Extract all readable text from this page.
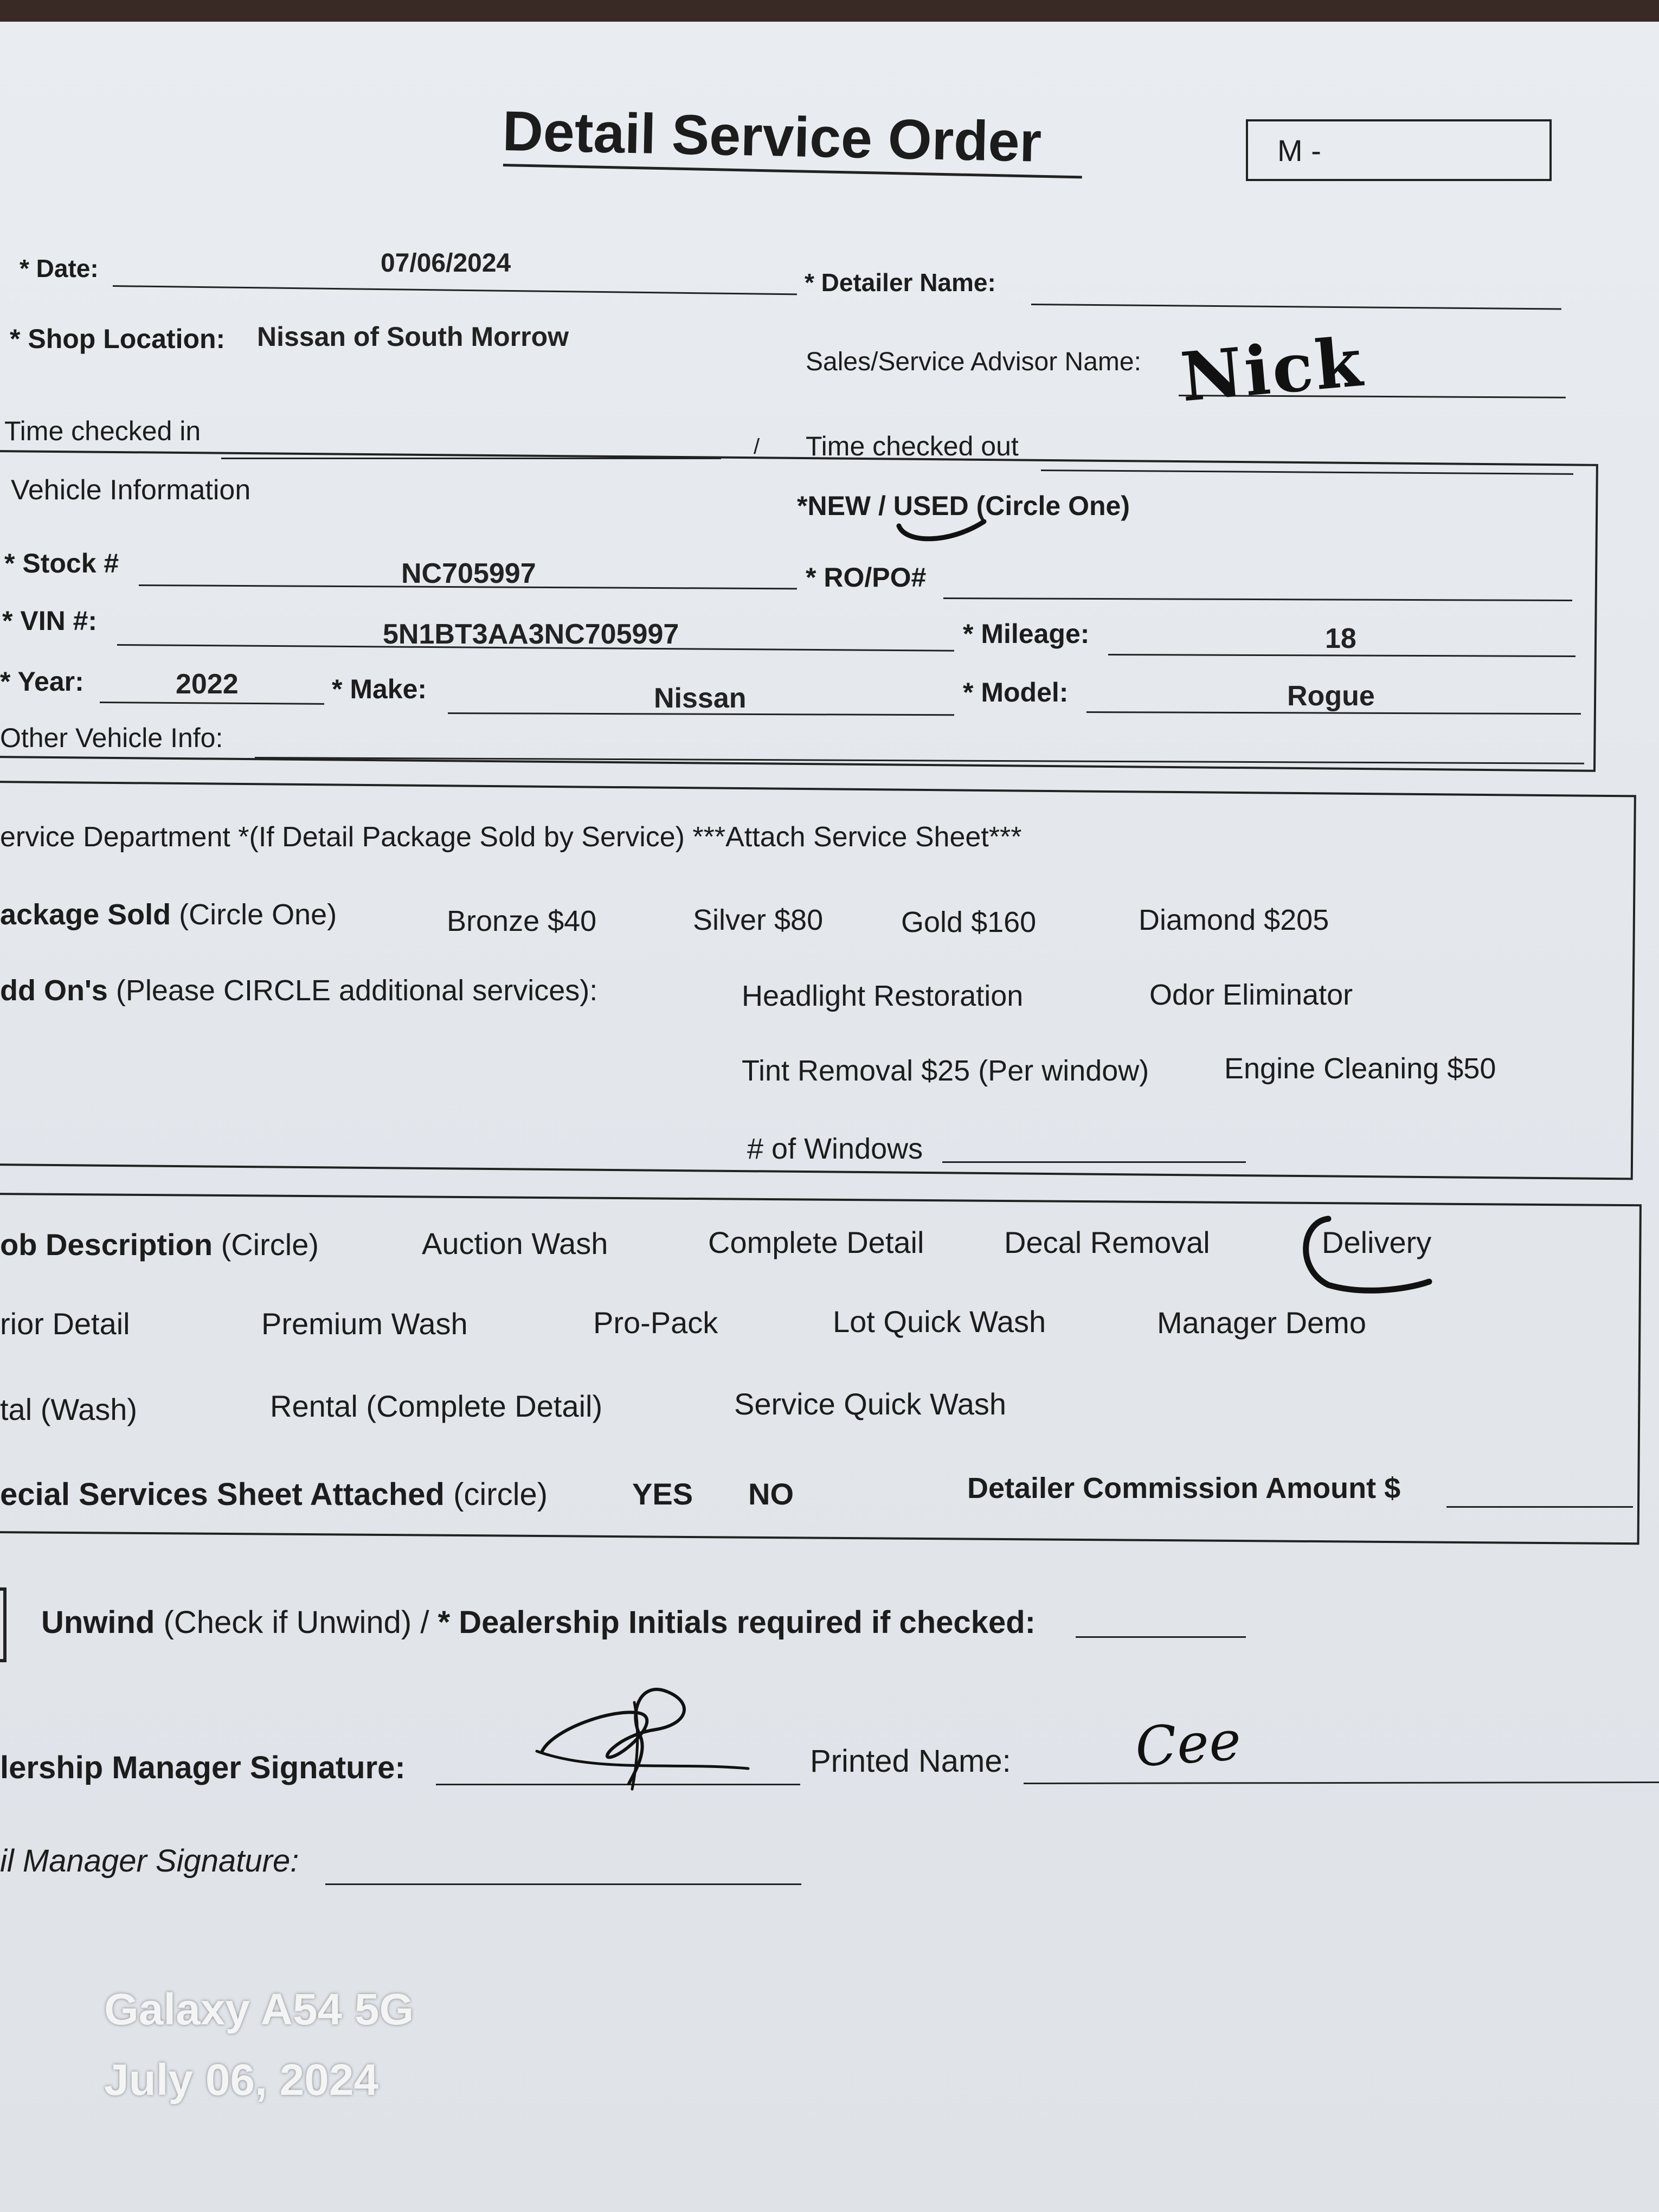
Detail Service Order	M -
* Date:	07/06/2024
* Detailer Name:
* Shop Location: Nissan of South Morrow
Sales/Service Advisor Name: Nick
Time checked in
/ Time checked out
Vehicle Information	*NEW / USED (Circle One)
* Stock #	NC705997	* RO/PO#
* VIN #:	5N1BT3AA3NC705997	* Mileage:	18
* Year:	2022	* Make:	Nissan	* Model:	Rogue
Other Vehicle Info:
ervice Department *(If Detail Package Sold by Service) ***Attach Service Sheet***
ackage Sold (Circle One)	Bronze $40	Silver $80	Gold $160	Diamond $205
dd On's (Please CIRCLE additional services):	Headlight Restoration	Odor Eliminator
Tint Removal $25 (Per window)	Engine Cleaning $50
# of Windows
ob Description (Circle)	Auction Wash	Complete Detail	Decal Removal	Delivery
rior Detail	Premium Wash	Pro-Pack	Lot Quick Wash	Manager Demo
tal (Wash)	Rental (Complete Detail)	Service Quick Wash
ecial Services Sheet Attached (circle)	YES NO	Detailer Commission Amount $
Unwind (Check if Unwind) / * Dealership Initials required if checked:
lership Manager Signature:	Printed Name: Cee
il Manager Signature:
Galaxy A54 5G
July 06, 2024
